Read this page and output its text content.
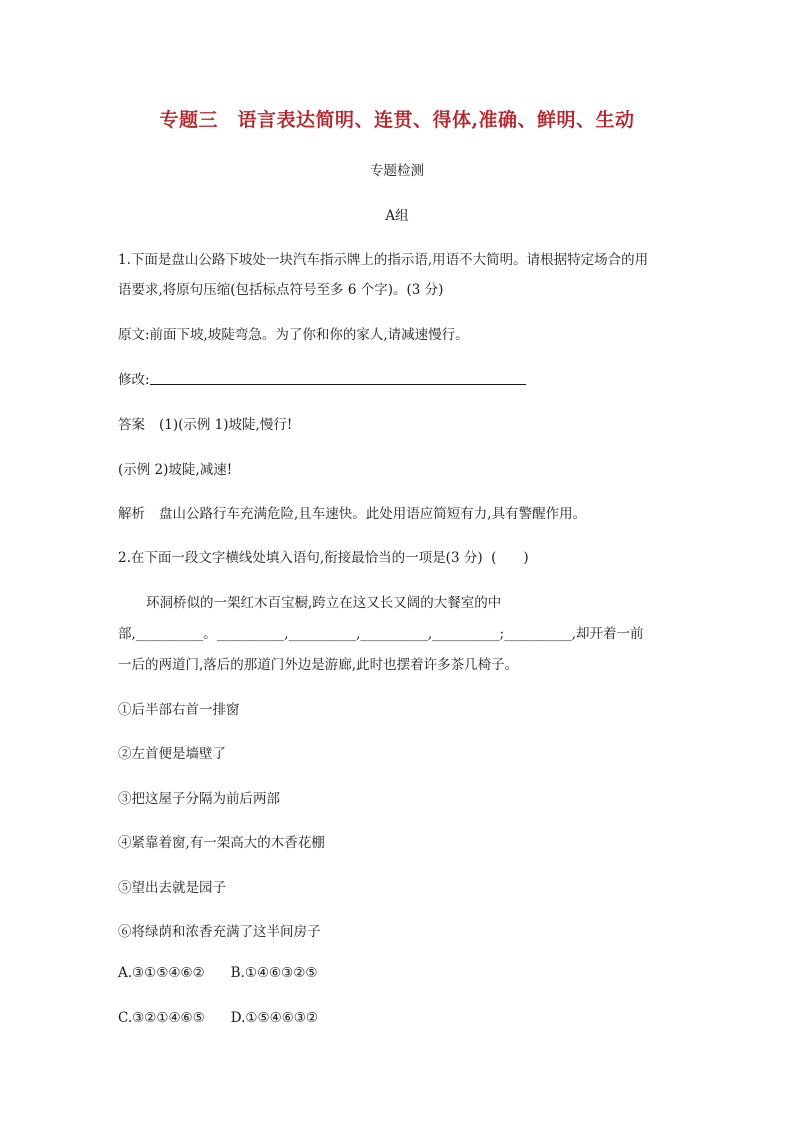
专题三　语言表达简明、连贯、得体,准确、鲜明、生动
专题检测
A组
1.下面是盘山公路下坡处一块汽车指示牌上的指示语,用语不大简明。请根据特定场合的用
语要求,将原句压缩(包括标点符号至多 6 个字)。(3 分)
原文:前面下坡,坡陡弯急。为了你和你的家人,请减速慢行。
修改:
答案 (1)(示例 1)坡陡,慢行!
(示例 2)坡陡,减速!
解析 盘山公路行车充满危险,且车速快。此处用语应简短有力,具有警醒作用。
2.在下面一段文字横线处填入语句,衔接最恰当的一项是(3 分)  (　　)
环洞桥似的一架红木百宝橱,跨立在这又长又阔的大餐室的中
部,__________。__________,__________,__________,__________;__________,却开着一前
一后的两道门,落后的那道门外边是游廊,此时也摆着许多茶几椅子。
①后半部右首一排窗
②左首便是墙壁了
③把这屋子分隔为前后两部
④紧靠着窗,有一架高大的木香花棚
⑤望出去就是园子
⑥将绿荫和浓香充满了这半间房子
A.③①⑤④⑥② B.①④⑥③②⑤
C.③②①④⑥⑤ D.①⑤④⑥③②
